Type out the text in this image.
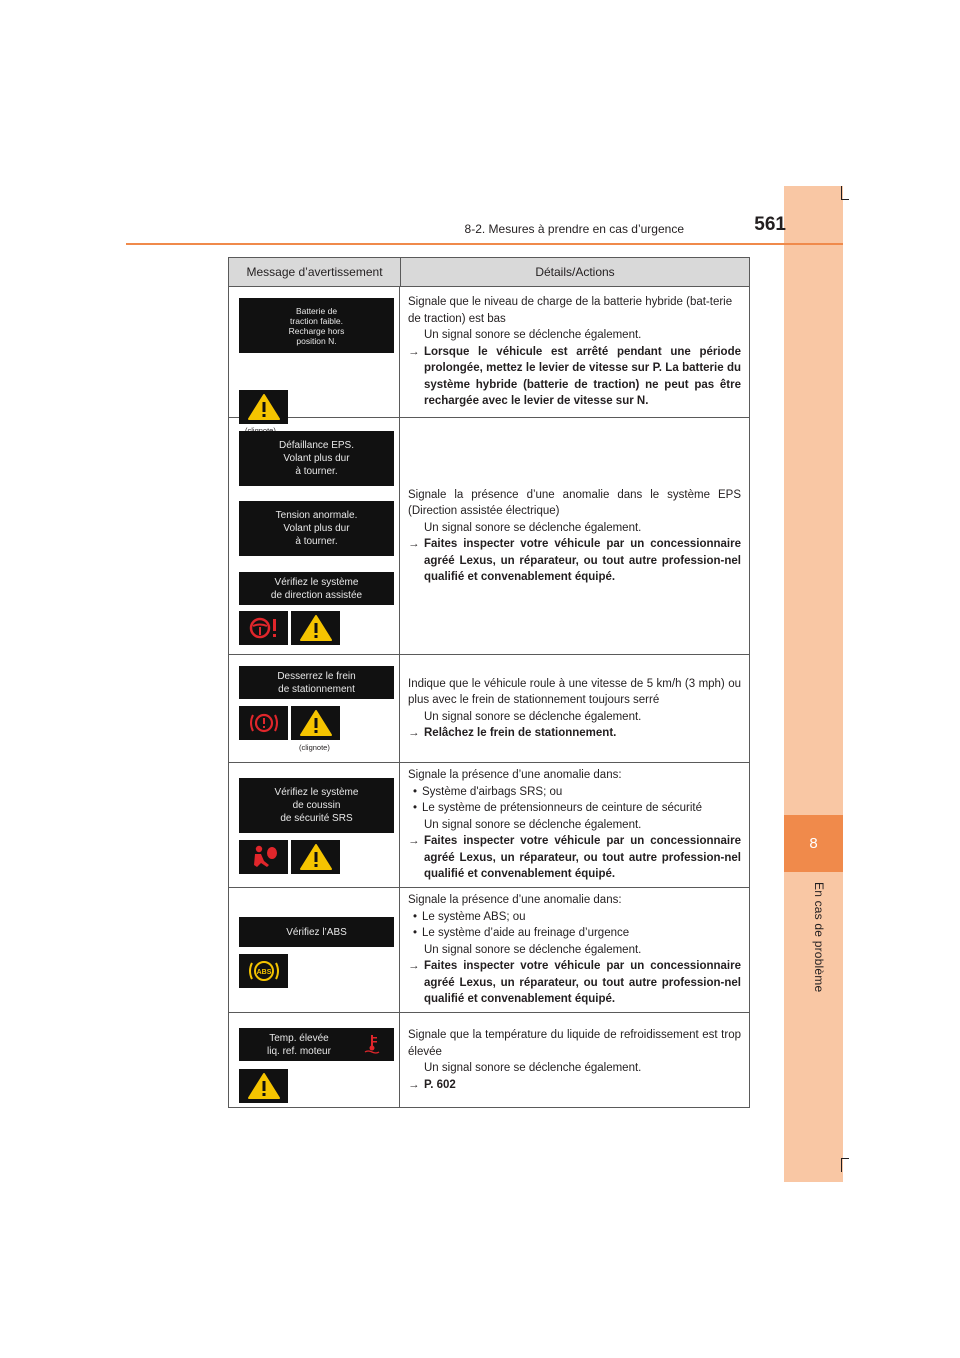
8
En cas de problème
8-2. Mesures à prendre en cas d’urgence	561
Message d’avertissement	Détails/Actions
Batterie de
traction faible.
Recharge hors
position N.

Signale que le niveau de charge de la batterie hybride (bat-terie de traction) est bas

Un signal sonore se déclenche également.

→ Lorsque le véhicule est arrêté pendant une période prolongée, mettez le levier de vitesse sur P. La batterie du système hybride (batterie de traction) ne peut pas être rechargée avec le levier de vitesse sur N.
Défaillance EPS.
Volant plus dur
à tourner.
Tension anormale.
Volant plus dur
à tourner.
Vérifiez le système
de direction assistée

Signale la présence d’une anomalie dans le système EPS (Direction assistée électrique)

Un signal sonore se déclenche également.

→ Faites inspecter votre véhicule par un concessionnaire agréé Lexus, un réparateur, ou tout autre profession-nel qualifié et convenablement équipé.
Desserrez le frein
de stationnement
(clignote)

Indique que le véhicule roule à une vitesse de 5 km/h (3 mph) ou plus avec le frein de stationnement toujours serré

Un signal sonore se déclenche également.

→ Relâchez le frein de stationnement.
Vérifiez le système
de coussin
de sécurité SRS

Signale la présence d’une anomalie dans:

• Système d'airbags SRS; ou
• Le système de prétensionneurs de ceinture de sécurité

Un signal sonore se déclenche également.

→ Faites inspecter votre véhicule par un concessionnaire agréé Lexus, un réparateur, ou tout autre profession-nel qualifié et convenablement équipé.
Vérifiez l’ABS
ABS

Signale la présence d’une anomalie dans:

• Le système ABS; ou
• Le système d’aide au freinage d’urgence

Un signal sonore se déclenche également.

→ Faites inspecter votre véhicule par un concessionnaire agréé Lexus, un réparateur, ou tout autre profession-nel qualifié et convenablement équipé.
Temp. élevée
liq. ref. moteur

Signale que la température du liquide de refroidissement est trop élevée

Un signal sonore se déclenche également.

→ P. 602
